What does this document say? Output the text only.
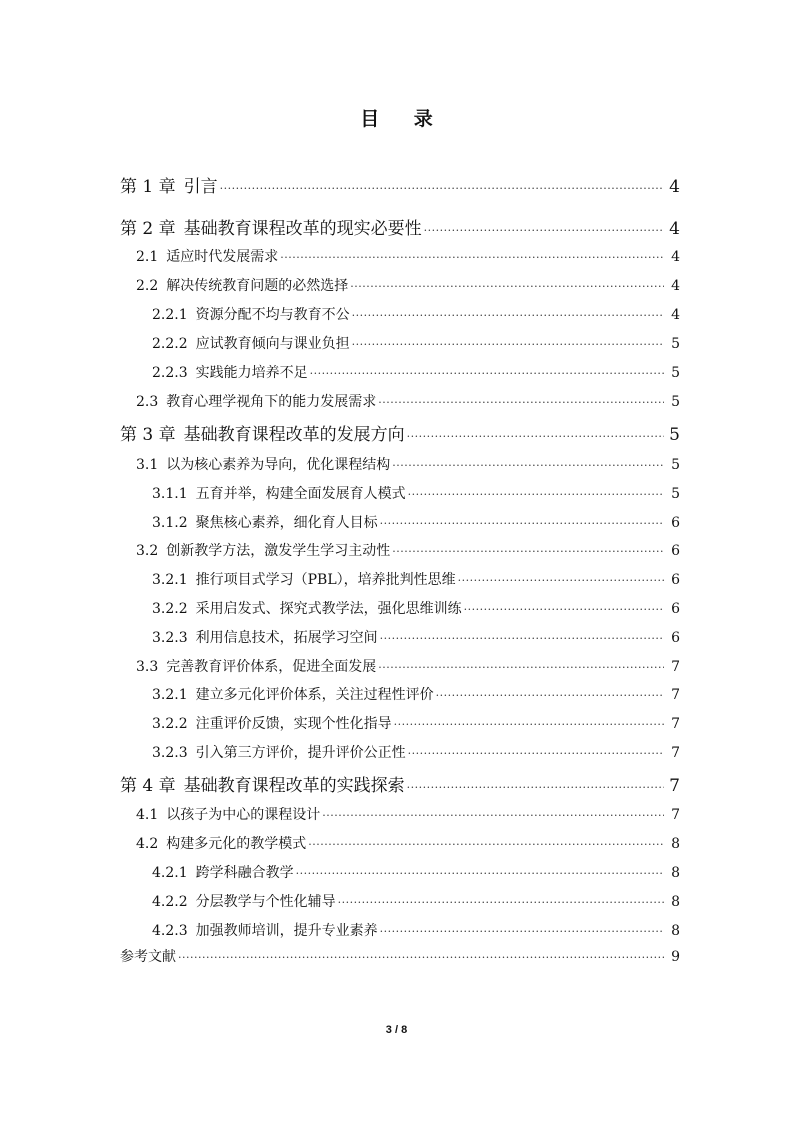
目 录
第 1 章 引言 ·····	4
第 2 章 基础教育课程改革的现实必要性 ·····	4
2.1 适应时代发展需求 ·····	4
2.2 解决传统教育问题的必然选择 ·····	4
2.2.1 资源分配不均与教育不公 ·····	4
2.2.2 应试教育倾向与课业负担 ·····	5
2.2.3 实践能力培养不足 ·····	5
2.3 教育心理学视角下的能力发展需求 ·····	5
第 3 章 基础教育课程改革的发展方向 ·····	5
3.1 以为核心素养为导向，优化课程结构 ·····	5
3.1.1 五育并举，构建全面发展育人模式 ·····	5
3.1.2 聚焦核心素养，细化育人目标 ·····	6
3.2 创新教学方法，激发学生学习主动性 ·····	6
3.2.1 推行项目式学习（PBL），培养批判性思维 ·····	6
3.2.2 采用启发式、探究式教学法，强化思维训练 ·····	6
3.2.3 利用信息技术，拓展学习空间 ·····	6
3.3 完善教育评价体系，促进全面发展 ·····	7
3.2.1 建立多元化评价体系，关注过程性评价 ·····	7
3.2.2 注重评价反馈，实现个性化指导 ·····	7
3.2.3 引入第三方评价，提升评价公正性 ·····	7
第 4 章 基础教育课程改革的实践探索 ·····	7
4.1 以孩子为中心的课程设计 ·····	7
4.2 构建多元化的教学模式 ·····	8
4.2.1 跨学科融合教学 ·····	8
4.2.2 分层教学与个性化辅导 ·····	8
4.2.3 加强教师培训，提升专业素养 ·····	8
参考文献 ·····	9
3 / 8
